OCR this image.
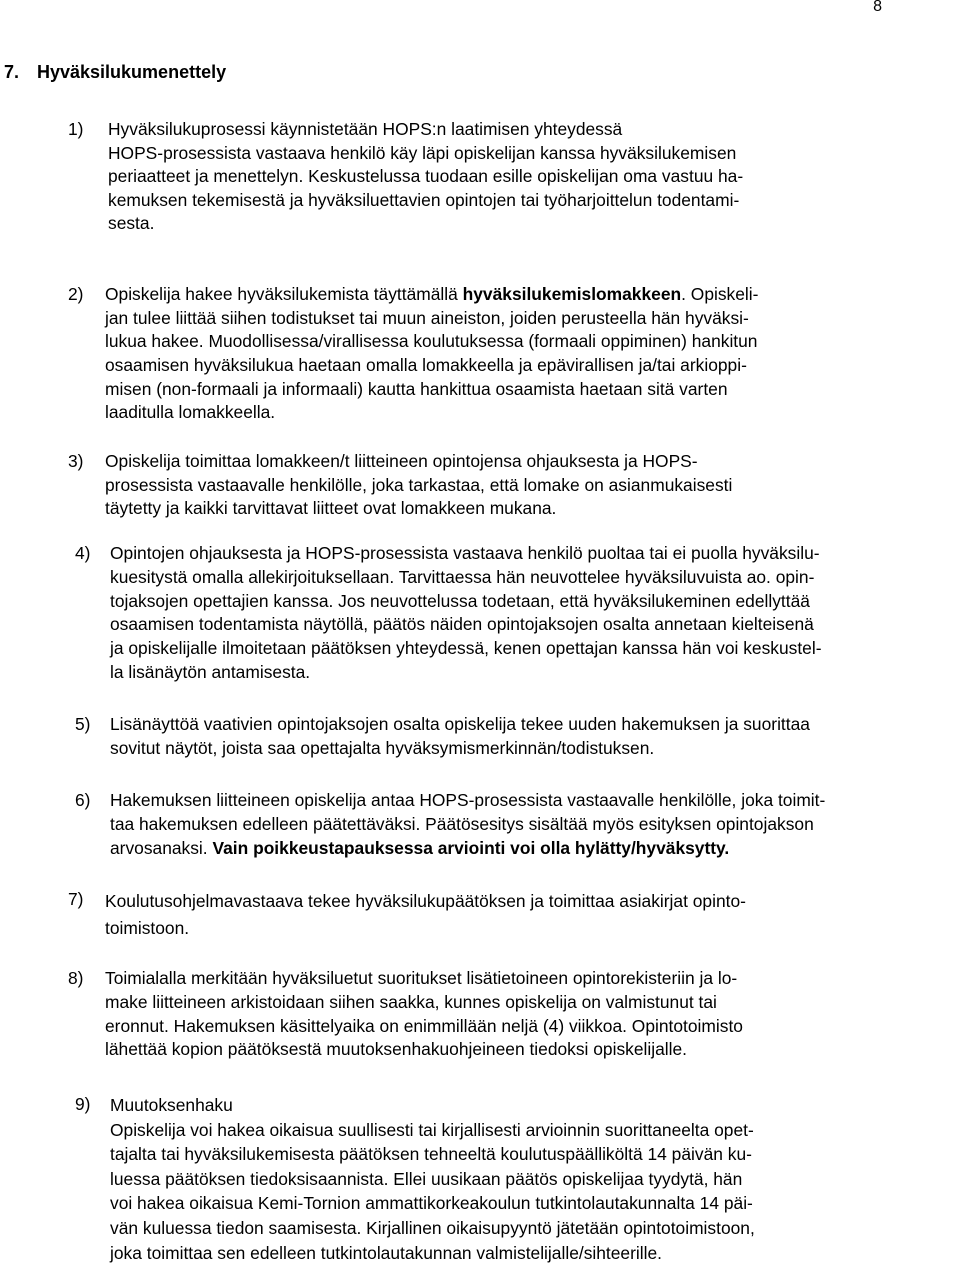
8
7. Hyväksilukumenettely
1) Hyväksilukuprosessi käynnistetään HOPS:n laatimisen yhteydessä
HOPS-prosessista vastaava henkilö käy läpi opiskelijan kanssa hyväksilukemisen
periaatteet ja menettelyn. Keskustelussa tuodaan esille opiskelijan oma vastuu ha-
kemuksen tekemisestä ja hyväksiluettavien opintojen tai työharjoittelun todentami-
sesta.
2) Opiskelija hakee hyväksilukemista täyttämällä hyväksilukemislomakkeen. Opiskeli-
jan tulee liittää siihen todistukset tai muun aineiston, joiden perusteella hän hyväksi-
lukua hakee. Muodollisessa/virallisessa koulutuksessa (formaali oppiminen) hankitun
osaamisen hyväksilukua haetaan omalla lomakkeella ja epävirallisen ja/tai arkioppi-
misen (non-formaali ja informaali) kautta hankittua osaamista haetaan sitä varten
laaditulla lomakkeella.
3) Opiskelija toimittaa lomakkeen/t liitteineen opintojensa ohjauksesta ja HOPS-
prosessista vastaavalle henkilölle, joka tarkastaa, että lomake on asianmukaisesti
täytetty ja kaikki tarvittavat liitteet ovat lomakkeen mukana.
4) Opintojen ohjauksesta ja HOPS-prosessista vastaava henkilö puoltaa tai ei puolla hyväksilu-
kuesitystä omalla allekirjoituksellaan. Tarvittaessa hän neuvottelee hyväksiluvuista ao. opin-
tojaksojen opettajien kanssa. Jos neuvottelussa todetaan, että hyväksilukeminen edellyttää
osaamisen todentamista näytöllä, päätös näiden opintojaksojen osalta annetaan kielteisenä
ja opiskelijalle ilmoitetaan päätöksen yhteydessä, kenen opettajan kanssa hän voi keskustel-
la lisänäytön antamisesta.
5) Lisänäyttöä vaativien opintojaksojen osalta opiskelija tekee uuden hakemuksen ja suorittaa
sovitut näytöt, joista saa opettajalta hyväksymismerkinnän/todistuksen.
6) Hakemuksen liitteineen opiskelija antaa HOPS-prosessista vastaavalle henkilölle, joka toimit-
taa hakemuksen edelleen päätettäväksi. Päätösesitys sisältää myös esityksen opintojakson
arvosanaksi. Vain poikkeustapauksessa arviointi voi olla hylätty/hyväksytty.
7) Koulutusohjelmavastaava tekee hyväksilukupäätöksen ja toimittaa asiakirjat opinto-
toimistoon.
8) Toimialalla merkitään hyväksiluetut suoritukset lisätietoineen opintorekisteriin ja lo-
make liitteineen arkistoidaan siihen saakka, kunnes opiskelija on valmistunut tai
eronnut. Hakemuksen käsittelyaika on enimmillään neljä (4) viikkoa. Opintotoimisto
lähettää kopion päätöksestä muutoksenhakuohjeineen tiedoksi opiskelijalle.
9) Muutoksenhaku
Opiskelija voi hakea oikaisua suullisesti tai kirjallisesti arvioinnin suorittaneelta opet-
tajalta tai hyväksilukemisesta päätöksen tehneeltä koulutuspäälliköltä 14 päivän ku-
luessa päätöksen tiedoksisaannista. Ellei uusikaan päätös opiskelijaa tyydytä, hän
voi hakea oikaisua Kemi-Tornion ammattikorkeakoulun tutkintolautakunnalta 14 päi-
vän kuluessa tiedon saamisesta. Kirjallinen oikaisupyyntö jätetään opintotoimistoon,
joka toimittaa sen edelleen tutkintolautakunnan valmistelijalle/sihteerille.
